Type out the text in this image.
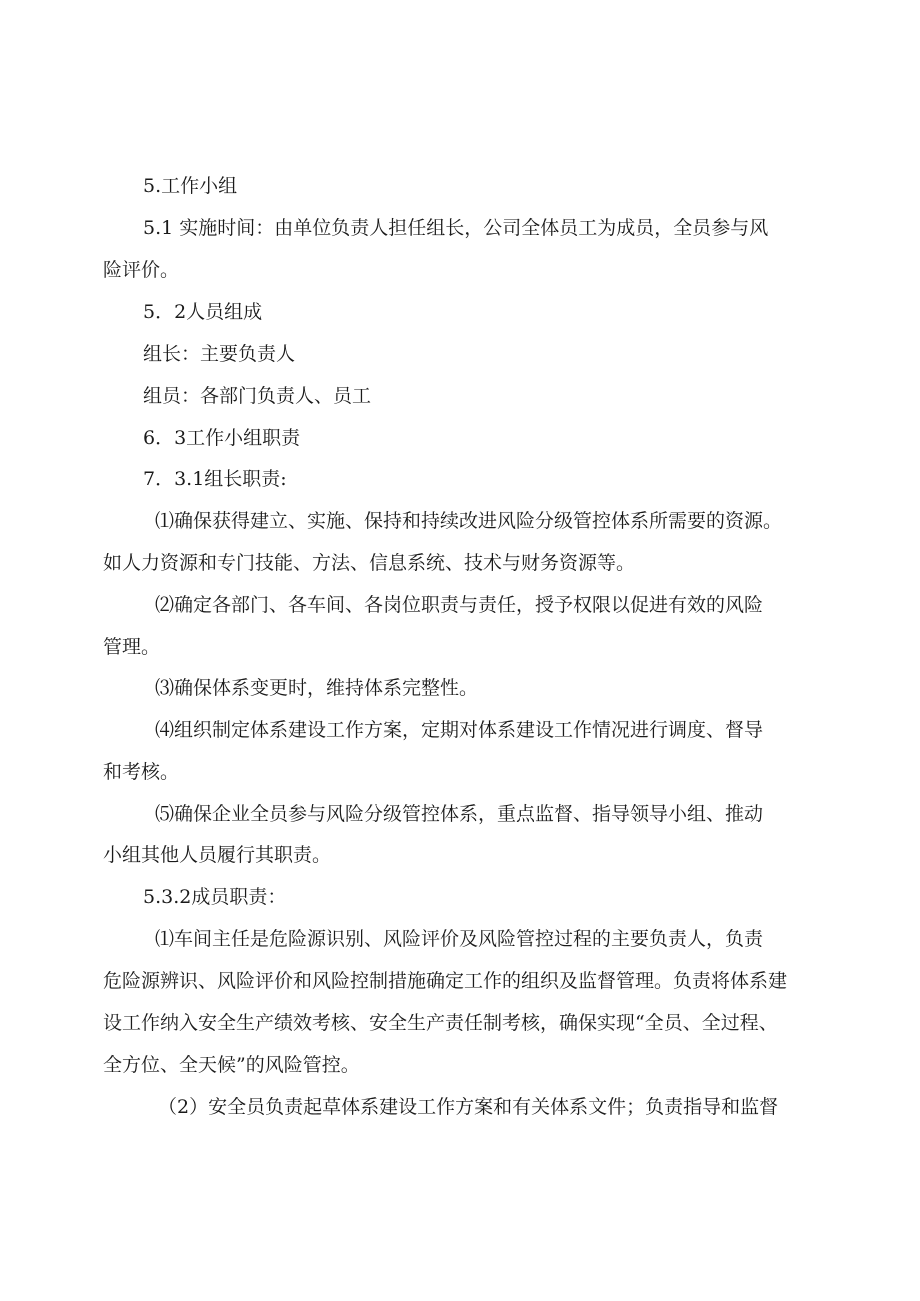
5.工作小组
5.1 实施时间：由单位负责人担任组长，公司全体员工为成员，全员参与风
险评价。
5．2人员组成
组长：主要负责人
组员：各部门负责人、员工
6．3工作小组职责
7．3.1组长职责:
⑴确保获得建立、实施、保持和持续改进风险分级管控体系所需要的资源。
如人力资源和专门技能、方法、信息系统、技术与财务资源等。
⑵确定各部门、各车间、各岗位职责与责任，授予权限以促进有效的风险
管理。
⑶确保体系变更时，维持体系完整性。
⑷组织制定体系建设工作方案，定期对体系建设工作情况进行调度、督导
和考核。
⑸确保企业全员参与风险分级管控体系，重点监督、指导领导小组、推动
小组其他人员履行其职责。
5.3.2成员职责：
⑴车间主任是危险源识别、风险评价及风险管控过程的主要负责人，负责
危险源辨识、风险评价和风险控制措施确定工作的组织及监督管理。负责将体系建
设工作纳入安全生产绩效考核、安全生产责任制考核，确保实现“全员、全过程、
全方位、全天候”的风险管控。
（2）安全员负责起草体系建设工作方案和有关体系文件；负责指导和监督
